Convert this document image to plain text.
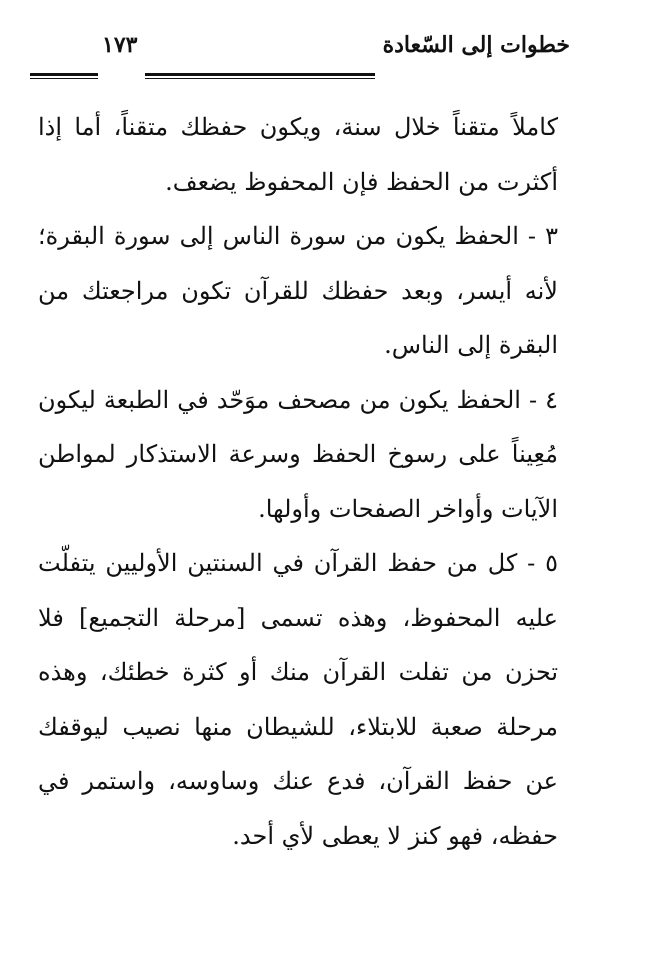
خطوات إلى السّعادة
١٧٣

كاملاً متقناً خلال سنة، ويكون حفظك متقناً، أما إذا أكثرت من الحفظ فإن المحفوظ يضعف.

٣ - الحفظ يكون من سورة الناس إلى سورة البقرة؛ لأنه أيسر، وبعد حفظك للقرآن تكون مراجعتك من البقرة إلى الناس.

٤ - الحفظ يكون من مصحف موَحّد في الطبعة ليكون مُعِيناً على رسوخ الحفظ وسرعة الاستذكار لمواطن الآيات وأواخر الصفحات وأولها.

٥ - كل من حفظ القرآن في السنتين الأوليين يتفلّت عليه المحفوظ، وهذه تسمى [مرحلة التجميع] فلا تحزن من تفلت القرآن منك أو كثرة خطئك، وهذه مرحلة صعبة للابتلاء، للشيطان منها نصيب ليوقفك عن حفظ القرآن، فدع عنك وساوسه، واستمر في حفظه، فهو كنز لا يعطى لأي أحد.
